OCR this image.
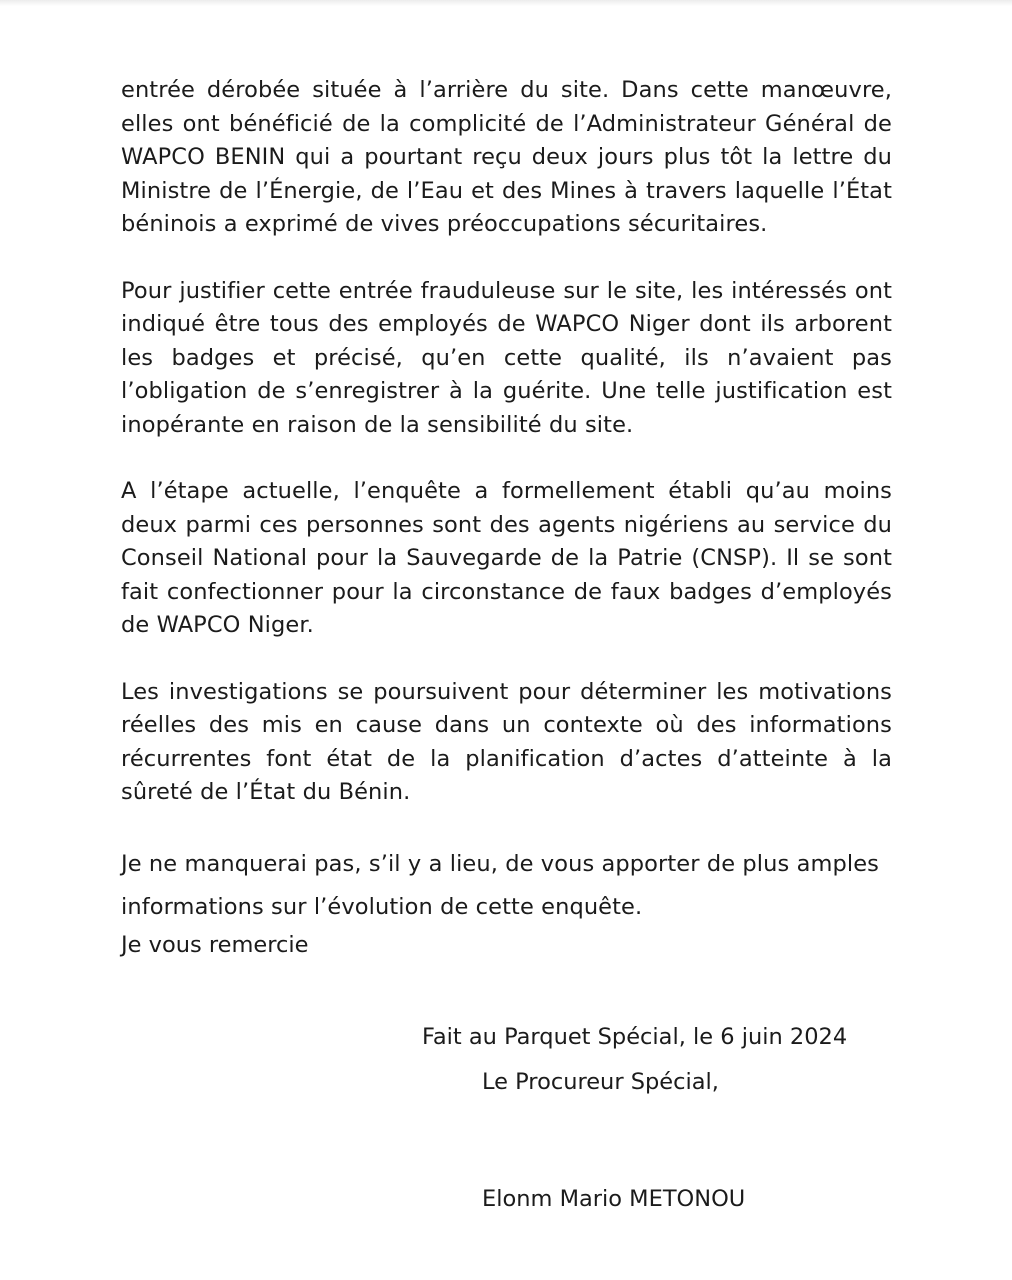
entrée dérobée située à l’arrière du site. Dans cette manœuvre, elles ont bénéficié de la complicité de l’Administrateur Général de WAPCO BENIN qui a pourtant reçu deux jours plus tôt la lettre du Ministre de l’Énergie, de l’Eau et des Mines à travers laquelle l’État béninois a exprimé de vives préoccupations sécuritaires.

Pour justifier cette entrée frauduleuse sur le site, les intéressés ont indiqué être tous des employés de WAPCO Niger dont ils arborent les badges et précisé, qu’en cette qualité, ils n’avaient pas l’obligation de s’enregistrer à la guérite. Une telle justification est inopérante en raison de la sensibilité du site.

A l’étape actuelle, l’enquête a formellement établi qu’au moins deux parmi ces personnes sont des agents nigériens au service du Conseil National pour la Sauvegarde de la Patrie (CNSP). Il se sont fait confectionner pour la circonstance de faux badges d’employés de WAPCO Niger.

Les investigations se poursuivent pour déterminer les motivations réelles des mis en cause dans un contexte où des informations récurrentes font état de la planification d’actes d’atteinte à la sûreté de l’État du Bénin.

Je ne manquerai pas, s’il y a lieu, de vous apporter de plus amples informations sur l’évolution de cette enquête.

Je vous remercie

Fait au Parquet Spécial, le 6 juin 2024
Le Procureur Spécial,
Elonm Mario METONOU
